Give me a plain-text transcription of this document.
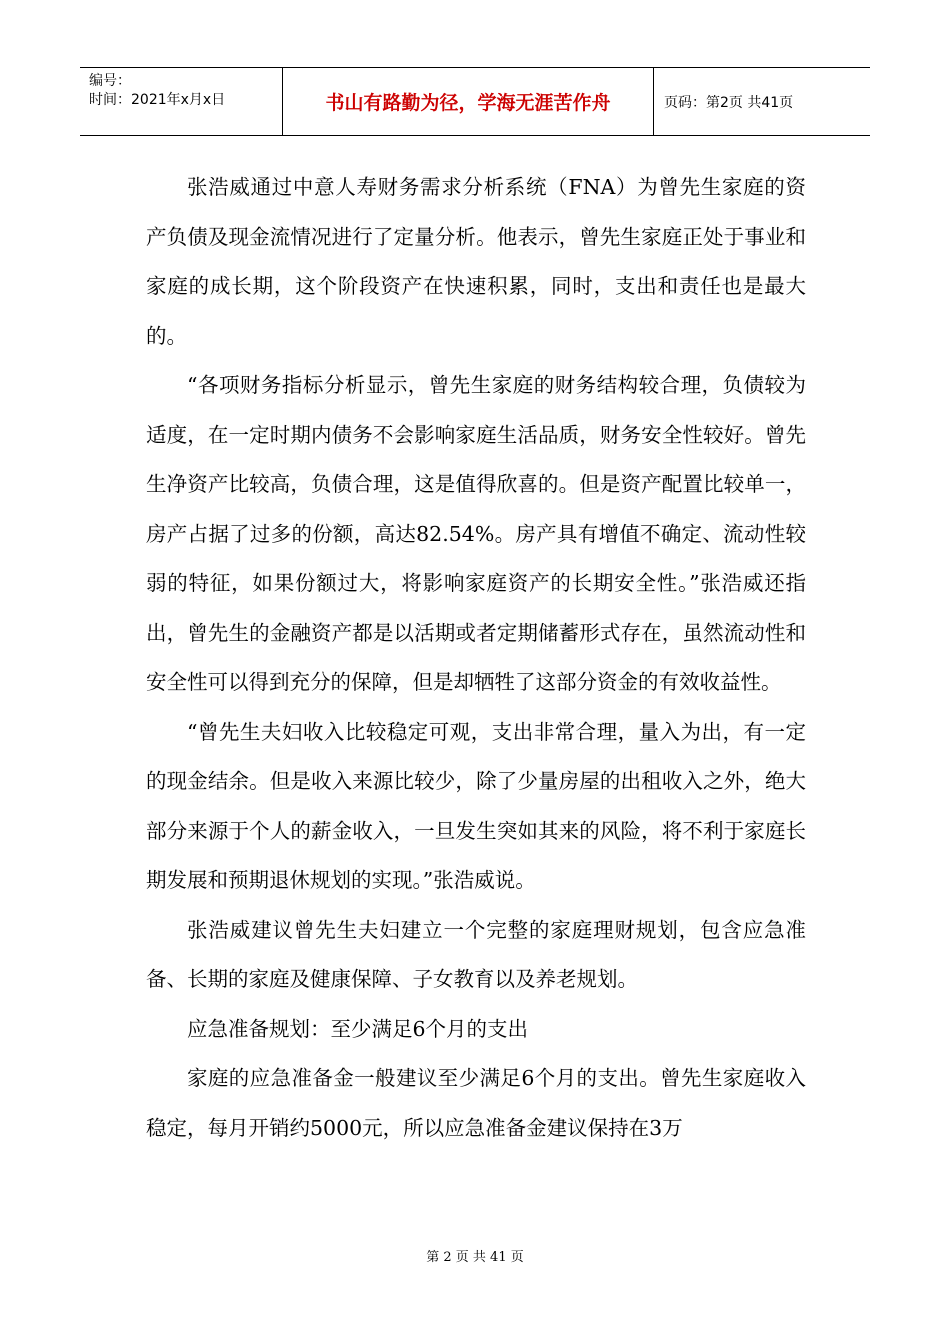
编号：
时间：2021年x月x日	书山有路勤为径，学海无涯苦作舟	页码：第2页 共41页

张浩威通过中意人寿财务需求分析系统（FNA）为曾先生家庭的资产负债及现金流情况进行了定量分析。他表示，曾先生家庭正处于事业和家庭的成长期，这个阶段资产在快速积累，同时，支出和责任也是最大的。

“各项财务指标分析显示，曾先生家庭的财务结构较合理，负债较为适度，在一定时期内债务不会影响家庭生活品质，财务安全性较好。曾先生净资产比较高，负债合理，这是值得欣喜的。但是资产配置比较单一，房产占据了过多的份额，高达82.54%。房产具有增值不确定、流动性较弱的特征，如果份额过大，将影响家庭资产的长期安全性。”张浩威还指出，曾先生的金融资产都是以活期或者定期储蓄形式存在，虽然流动性和安全性可以得到充分的保障，但是却牺牲了这部分资金的有效收益性。

“曾先生夫妇收入比较稳定可观，支出非常合理，量入为出，有一定的现金结余。但是收入来源比较少，除了少量房屋的出租收入之外，绝大部分来源于个人的薪金收入，一旦发生突如其来的风险，将不利于家庭长期发展和预期退休规划的实现。”张浩威说。

张浩威建议曾先生夫妇建立一个完整的家庭理财规划，包含应急准备、长期的家庭及健康保障、子女教育以及养老规划。

应急准备规划：至少满足6个月的支出

家庭的应急准备金一般建议至少满足6个月的支出。曾先生家庭收入稳定，每月开销约5000元，所以应急准备金建议保持在3万

第 2 页 共 41 页
